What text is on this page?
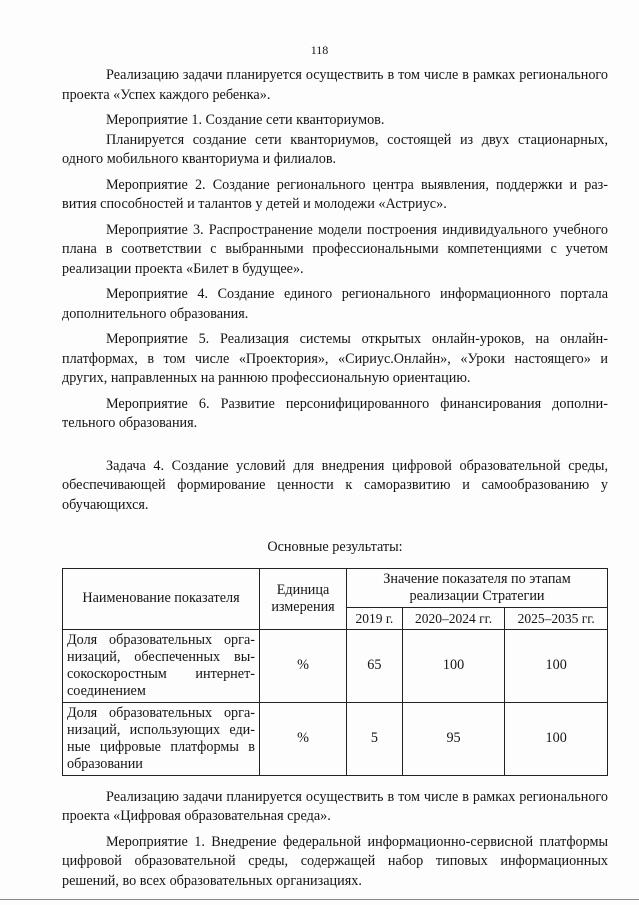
118

Реализацию задачи планируется осуществить в том числе в рамках регионального проекта «Успех каждого ребенка».

Мероприятие 1. Создание сети кванториумов.

Планируется создание сети кванториумов, состоящей из двух стационарных, одного мобильного кванториума и филиалов.

Мероприятие 2. Создание регионального центра выявления, поддержки и развития способностей и талантов у детей и молодежи «Астриус».

Мероприятие 3. Распространение модели построения индивидуального учебного плана в соответствии с выбранными профессиональными компетенциями с учетом реализации проекта «Билет в будущее».

Мероприятие 4. Создание единого регионального информационного портала дополнительного образования.

Мероприятие 5. Реализация системы открытых онлайн-уроков, на онлайн-платформах, в том числе «Проектория», «Сириус.Онлайн», «Уроки настоящего» и других, направленных на раннюю профессиональную ориентацию.

Мероприятие 6. Развитие персонифицированного финансирования дополнительного образования.

Задача 4. Создание условий для внедрения цифровой образовательной среды, обеспечивающей формирование ценности к саморазвитию и самообразованию у обучающихся.

Основные результаты:

Наименование показателя	Единица измерения	Значение показателя по этапам реализации Стратегии		
		2019 г.	2020–2024 гг.	2025–2035 гг.
Доля образовательных организаций, обеспеченных высокоскоростным интернет-соединением	%	65	100	100
Доля образовательных организаций, использующих единые цифровые платформы в образовании	%	5	95	100

Реализацию задачи планируется осуществить в том числе в рамках регионального проекта «Цифровая образовательная среда».

Мероприятие 1. Внедрение федеральной информационно-сервисной платформы цифровой образовательной среды, содержащей набор типовых информационных решений, во всех образовательных организациях.
